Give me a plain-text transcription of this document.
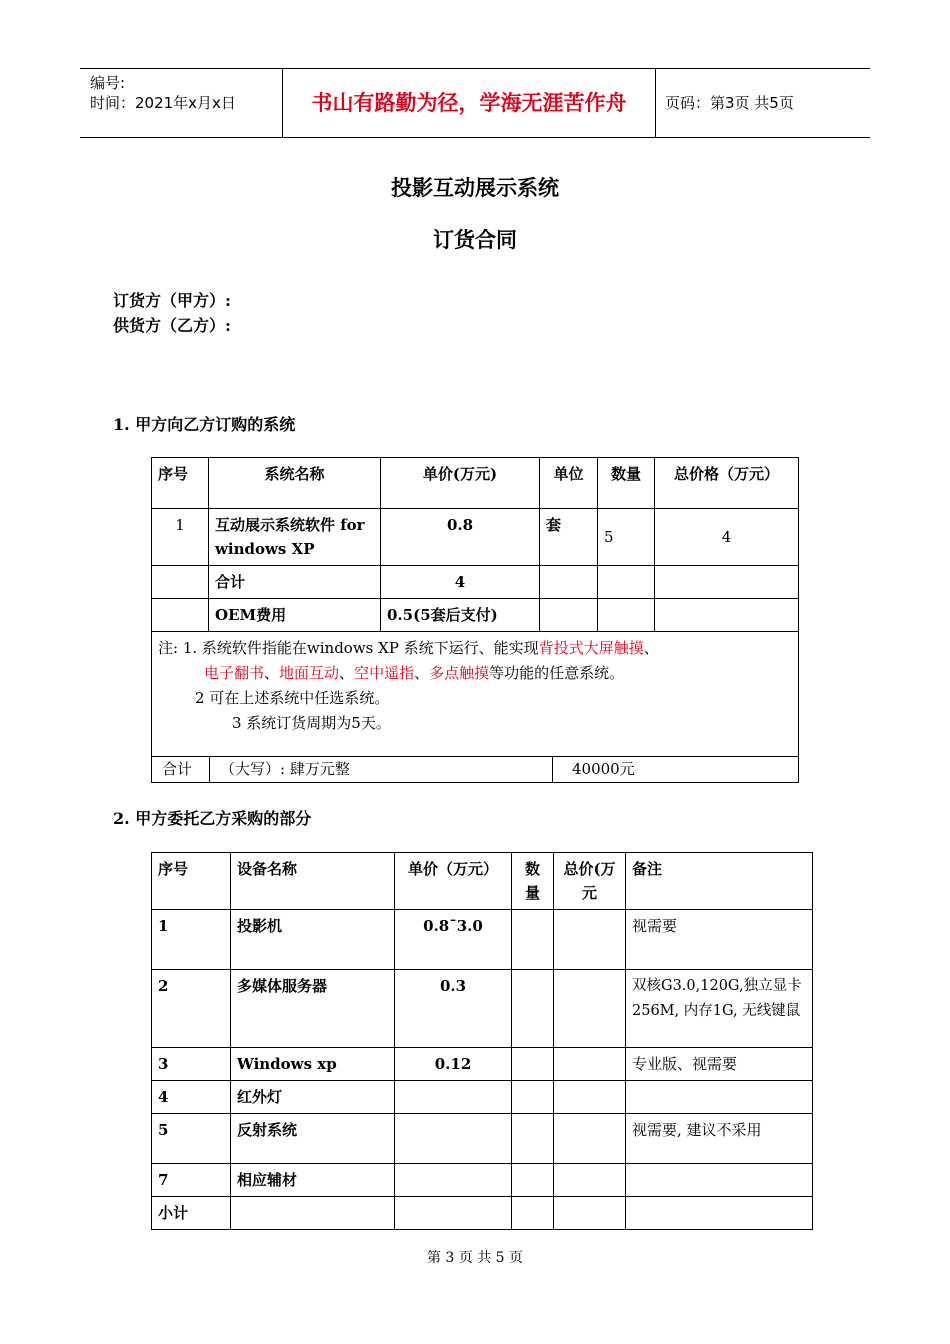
编号:
时间：2021年x月x日	书山有路勤为径，学海无涯苦作舟	页码：第3页 共5页
投影互动展示系统
订货合同
订货方（甲方）:
供货方（乙方）:
1. 甲方向乙方订购的系统
序号	系统名称	单价(万元)	单位	数量	总价格（万元）
1	互动展示系统软件 for windows XP	0.8	套	5	4
	合计	4			
	OEM费用	0.5(5套后支付)			

注: 1. 系统软件指能在windows XP 系统下运行、能实现背投式大屏触摸、
电子翻书、地面互动、空中遥指、多点触摸等功能的任意系统。
2 可在上述系统中任选系统。
3 系统订货周期为5天。					

合计 （大写）: 肆万元整 40000元					
2. 甲方委托乙方采购的部分
序号	设备名称	单价（万元）	数量	总价(万元	备注
1	投影机	0.8¯3.0			视需要
2	多媒体服务器	0.3			双核G3.0,120G,独立显卡256M, 内存1G, 无线键鼠
3	Windows xp	0.12			专业版、视需要
4	红外灯				
5	反射系统				视需要, 建议不采用
7	相应辅材				
小计					
第 3 页 共 5 页
